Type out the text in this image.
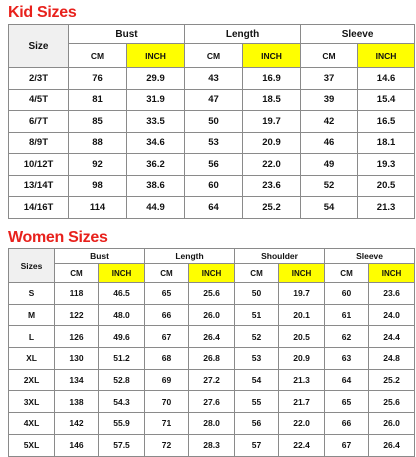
Kid Sizes
Size	Bust		Length		Sleeve	
	CM	INCH	CM	INCH	CM	INCH
2/3T	76	29.9	43	16.9	37	14.6
4/5T	81	31.9	47	18.5	39	15.4
6/7T	85	33.5	50	19.7	42	16.5
8/9T	88	34.6	53	20.9	46	18.1
10/12T	92	36.2	56	22.0	49	19.3
13/14T	98	38.6	60	23.6	52	20.5
14/16T	114	44.9	64	25.2	54	21.3
Women Sizes
Sizes	Bust		Length		Shoulder		Sleeve	
	CM	INCH	CM	INCH	CM	INCH	CM	INCH
S	118	46.5	65	25.6	50	19.7	60	23.6
M	122	48.0	66	26.0	51	20.1	61	24.0
L	126	49.6	67	26.4	52	20.5	62	24.4
XL	130	51.2	68	26.8	53	20.9	63	24.8
2XL	134	52.8	69	27.2	54	21.3	64	25.2
3XL	138	54.3	70	27.6	55	21.7	65	25.6
4XL	142	55.9	71	28.0	56	22.0	66	26.0
5XL	146	57.5	72	28.3	57	22.4	67	26.4
